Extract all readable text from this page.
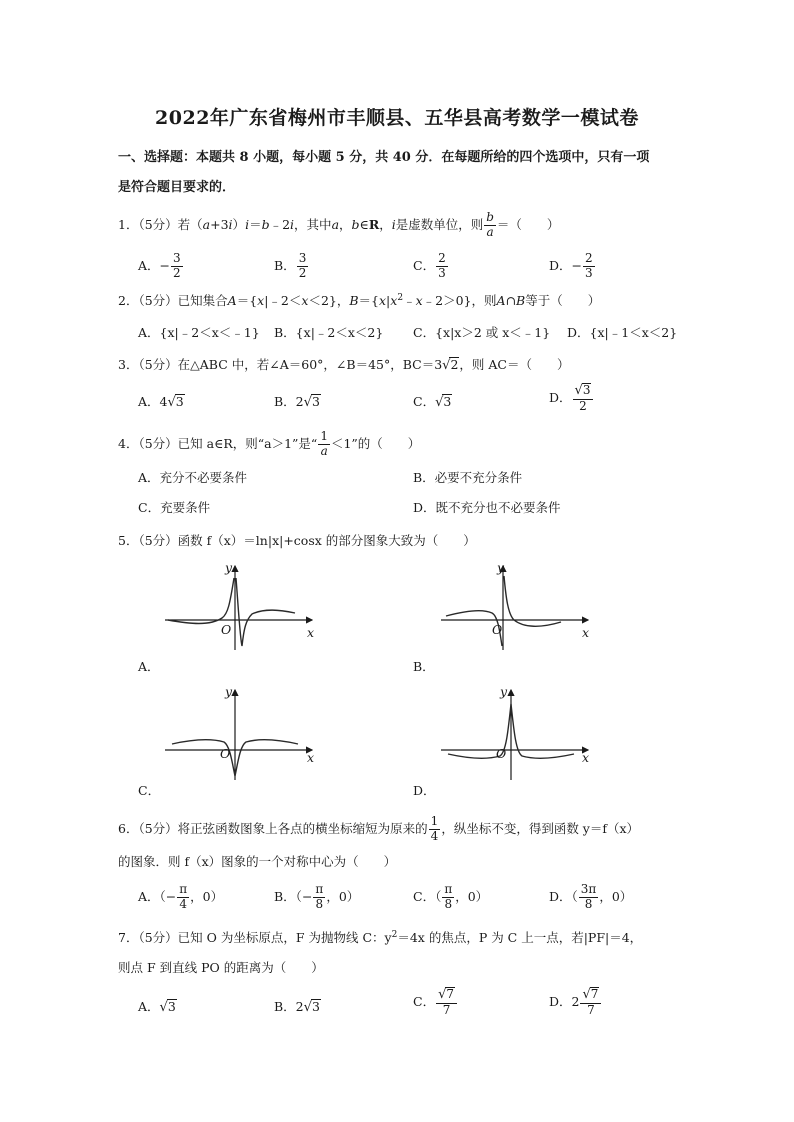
2022年广东省梅州市丰顺县、五华县高考数学一模试卷
一、选择题：本题共 8 小题，每小题 5 分，共 40 分．在每题所给的四个选项中，只有一项
是符合题目要求的．
1．（5分）若（a+3i）i＝b﹣2i，其中a，b∈R，i是虚数单位，则 $\frac{b}{a}$ ＝（　　）
A．− $\frac{3}{2}$	B． $\frac{3}{2}$	C． $\frac{2}{3}$	D．− $\frac{2}{3}$
2．（5分）已知集合A＝{x|﹣2＜x＜2}，$B=\{x|x^2﹣x﹣2>0\}$，则A∩B等于（　　）
A．{x|﹣2＜x＜﹣1} B．{x|﹣2＜x＜2} C．{x|x＞2 或 x＜﹣1} D．{x|﹣1＜x＜2}
3．（5分）在△ABC 中，若∠A＝60°，∠B＝45°，BC＝3√2，则 AC＝（　　）
A．4√3	B．2√3	C．√3	D． $\frac{√3}{2}$
4．（5分）已知 a∈R，则“a＞1”是“ $\frac{1}{a} <1$”的（　　）
A．充分不必要条件	B．必要不充分条件
C．充要条件	D．既不充分也不必要条件
5．（5分）函数 f（x）＝ln|x|+cosx 的部分图象大致为（　　）
y
x
O
A．
y
x
O
B．
y
x
O
C．
y
x
O
D．
6．（5分）将正弦函数图象上各点的横坐标缩短为原来的 $\frac{1}{4}$ ，纵坐标不变，得到函数 y＝f（x）
的图象．则 f（x）图象的一个对称中心为（　　）
A．（− $\frac{\pi}{4}$ ，0）	B．（− $\frac{\pi}{8}$ ，0）	C．（ $\frac{\pi}{8}$ ，0）	D．（ $\frac{3\pi}{8}$ ，0）
7．（5分）已知 O 为坐标原点，F 为抛物线 C：$y^2=4x$ 的焦点，P 为 C 上一点，若|PF|＝4，
则点 F 到直线 PO 的距离为（　　）
A．√3	B．2√3	C． $\frac{√7}{7}$	D．$2 \frac{√7}{7}$
